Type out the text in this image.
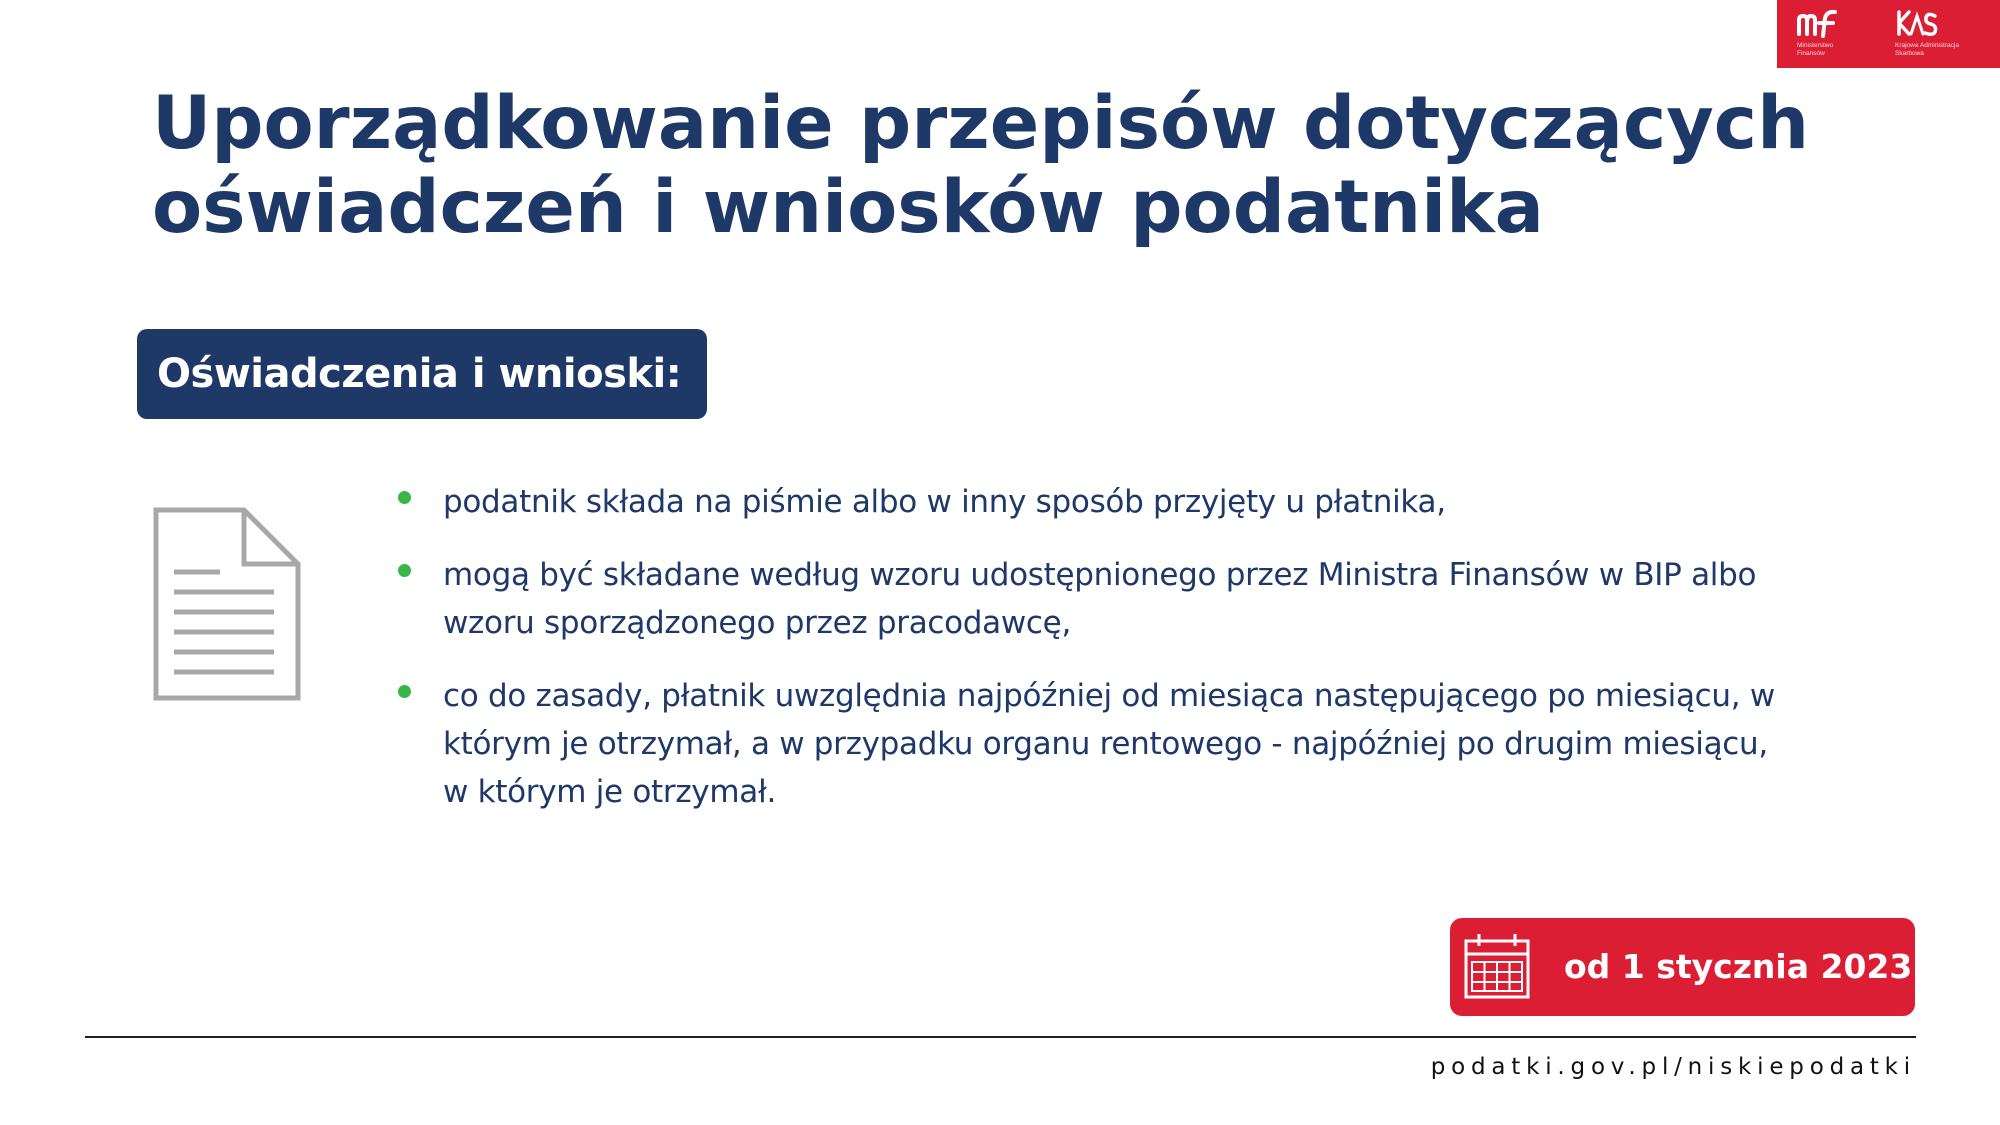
Ministerstwo
Finansów
Krajowa Administracja
Skarbowa
Uporządkowanie przepisów dotyczących
oświadczeń i wniosków podatnika
Oświadczenia i wnioski:
podatnik składa na piśmie albo w inny sposób przyjęty u płatnika,
mogą być składane według wzoru udostępnionego przez Ministra Finansów w BIP albo wzoru sporządzonego przez pracodawcę,
co do zasady, płatnik uwzględnia najpóźniej od miesiąca następującego po miesiącu, w którym je otrzymał, a w przypadku organu rentowego - najpóźniej po drugim miesiącu, w którym je otrzymał.
od 1 stycznia 2023 r.
podatki.gov.pl/niskiepodatki
